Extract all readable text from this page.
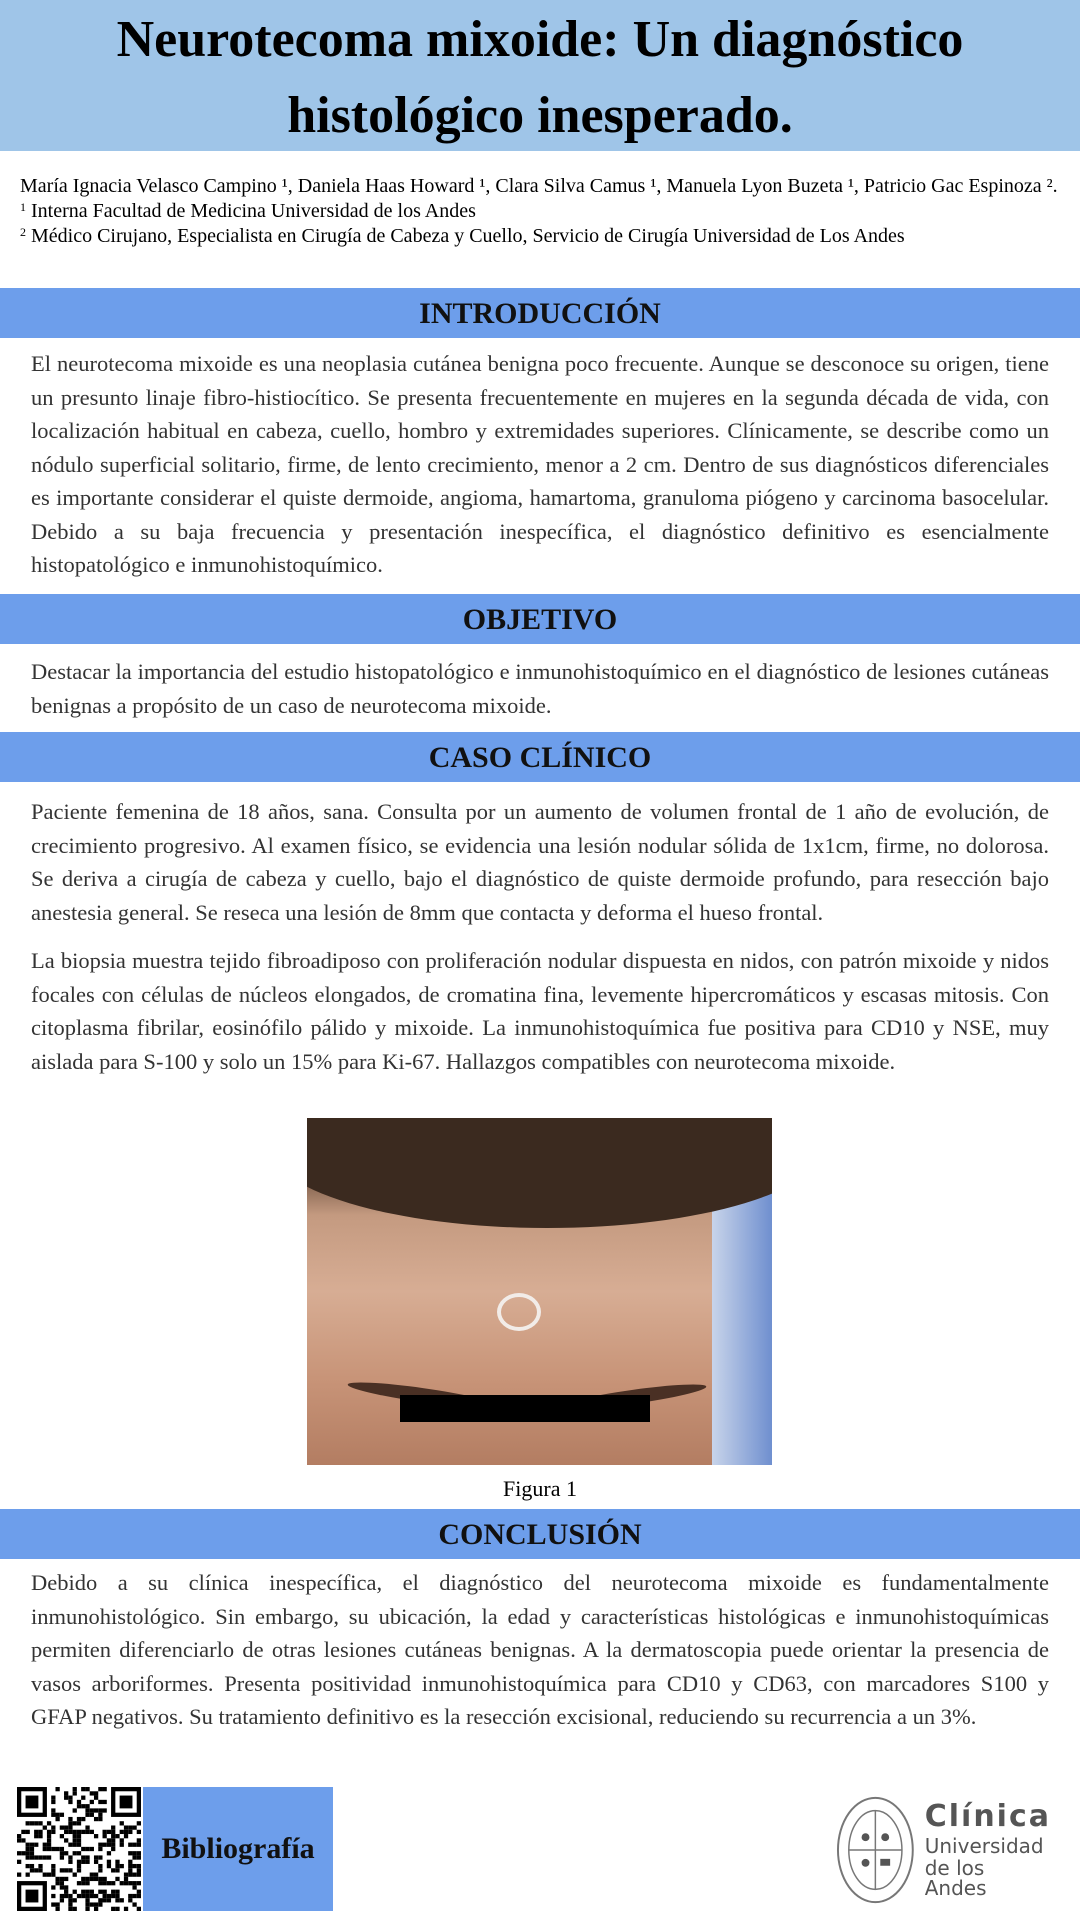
Neurotecoma mixoide: Un diagnóstico histológico inesperado.
María Ignacia Velasco Campino ¹, Daniela Haas Howard ¹, Clara Silva Camus ¹, Manuela Lyon Buzeta ¹, Patricio Gac Espinoza ².
$^1$ Interna Facultad de Medicina Universidad de los Andes
$^2$ Médico Cirujano, Especialista en Cirugía de Cabeza y Cuello, Servicio de Cirugía Universidad de Los Andes
INTRODUCCIÓN

El neurotecoma mixoide es una neoplasia cutánea benigna poco frecuente. Aunque se desconoce su origen, tiene un presunto linaje fibro-histiocítico. Se presenta frecuentemente en mujeres en la segunda década de vida, con localización habitual en cabeza, cuello, hombro y extremidades superiores. Clínicamente, se describe como un nódulo superficial solitario, firme, de lento crecimiento, menor a 2 cm. Dentro de sus diagnósticos diferenciales es importante considerar el quiste dermoide, angioma, hamartoma, granuloma piógeno y carcinoma basocelular. Debido a su baja frecuencia y presentación inespecífica, el diagnóstico definitivo es esencialmente histopatológico e inmunohistoquímico.

OBJETIVO

Destacar la importancia del estudio histopatológico e inmunohistoquímico en el diagnóstico de lesiones cutáneas benignas a propósito de un caso de neurotecoma mixoide.

CASO CLÍNICO

Paciente femenina de 18 años, sana. Consulta por un aumento de volumen frontal de 1 año de evolución, de crecimiento progresivo. Al examen físico, se evidencia una lesión nodular sólida de 1x1cm, firme, no dolorosa. Se deriva a cirugía de cabeza y cuello, bajo el diagnóstico de quiste dermoide profundo, para resección bajo anestesia general. Se reseca una lesión de 8mm que contacta y deforma el hueso frontal.

La biopsia muestra tejido fibroadiposo con proliferación nodular dispuesta en nidos, con patrón mixoide y nidos focales con células de núcleos elongados, de cromatina fina, levemente hipercromáticos y escasas mitosis. Con citoplasma fibrilar, eosinófilo pálido y mixoide. La inmunohistoquímica fue positiva para CD10 y NSE, muy aislada para S-100 y solo un 15% para Ki-67. Hallazgos compatibles con neurotecoma mixoide.

Figura 1
CONCLUSIÓN

Debido a su clínica inespecífica, el diagnóstico del neurotecoma mixoide es fundamentalmente inmunohistológico. Sin embargo, su ubicación, la edad y características histológicas e inmunohistoquímicas permiten diferenciarlo de otras lesiones cutáneas benignas. A la dermatoscopia puede orientar la presencia de vasos arboriformes. Presenta positividad inmunohistoquímica para CD10 y CD63, con marcadores S100 y GFAP negativos. Su tratamiento definitivo es la resección excisional, reduciendo su recurrencia a un 3%.

Bibliografía
Clínica
Universidad
de los Andes
